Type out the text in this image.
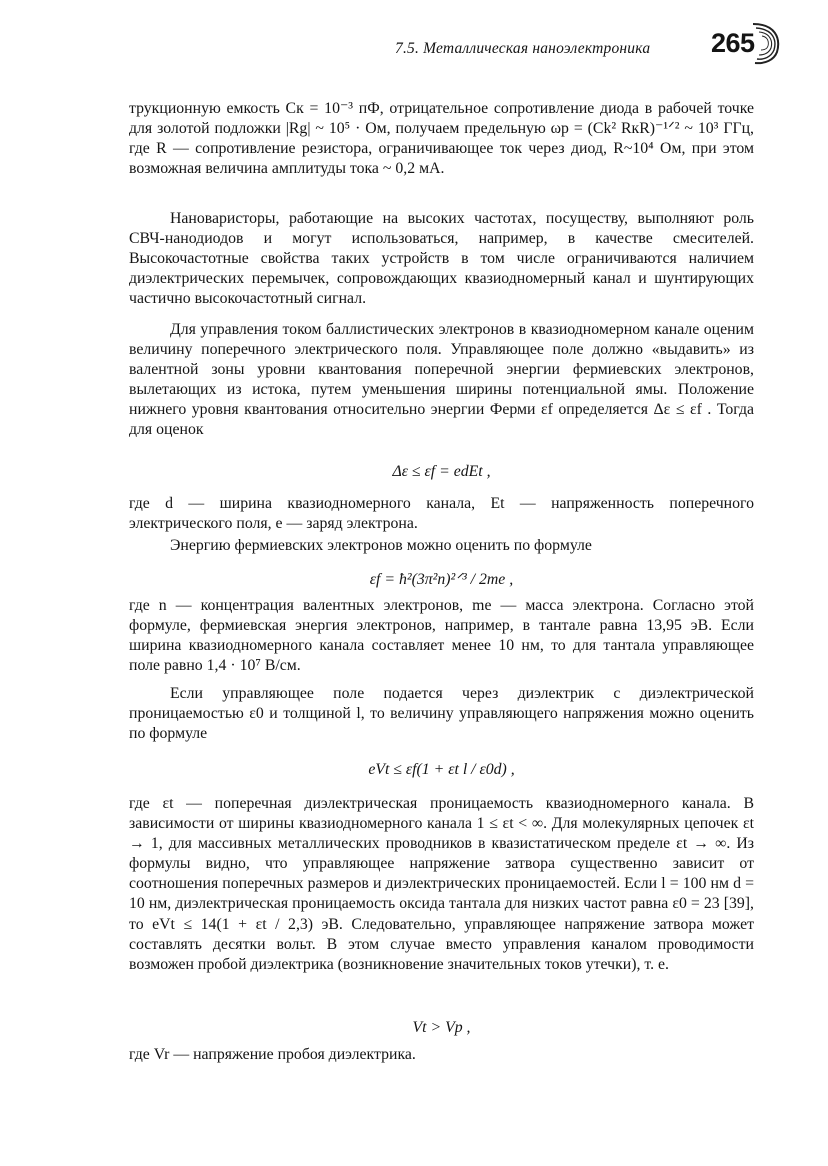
7.5. Металлическая наноэлектроника 265

трукционную емкость Cк = 10⁻³ пФ, отрицательное сопротивление диода в рабочей точке для золотой подложки |Rg| ~ 10⁵ · Ом, получаем предельную ωр = (Ck² RкR)⁻¹ᐟ² ~ 10³ ГГц, где R — сопротивление резистора, ограничивающее ток через диод, R~10⁴ Ом, при этом возможная величина амплитуды тока ~ 0,2 мА.

Нановаристоры, работающие на высоких частотах, посуществу, выполняют роль СВЧ-нанодиодов и могут использоваться, например, в качестве смесителей. Высокочастотные свойства таких устройств в том числе ограничиваются наличием диэлектрических перемычек, сопровождающих квазиодномерный канал и шунтирующих частично высокочастотный сигнал.

Для управления током баллистических электронов в квазиодномерном канале оценим величину поперечного электрического поля. Управляющее поле должно «выдавить» из валентной зоны уровни квантования поперечной энергии фермиевских электронов, вылетающих из истока, путем уменьшения ширины потенциальной ямы. Положение нижнего уровня квантования относительно энергии Ферми εf определяется Δε ≤ εf . Тогда для оценок

Δε ≤ εf = edEt ,

где d — ширина квазиодномерного канала, Et — напряженность поперечного электрического поля, e — заряд электрона.

Энергию фермиевских электронов можно оценить по формуле

εf = ħ²(3π²n)²ᐟ³ / 2me ,

где n — концентрация валентных электронов, me — масса электрона. Согласно этой формуле, фермиевская энергия электронов, например, в тантале равна 13,95 эВ. Если ширина квазиодномерного канала составляет менее 10 нм, то для тантала управляющее поле равно 1,4 · 10⁷ В/см.

Если управляющее поле подается через диэлектрик с диэлектрической проницаемостью ε0 и толщиной l, то величину управляющего напряжения можно оценить по формуле

eVt ≤ εf(1 + εt l / ε0d) ,

где εt — поперечная диэлектрическая проницаемость квазиодномерного канала. В зависимости от ширины квазиодномерного канала 1 ≤ εt < ∞. Для молекулярных цепочек εt → 1, для массивных металлических проводников в квазистатическом пределе εt → ∞. Из формулы видно, что управляющее напряжение затвора существенно зависит от соотношения поперечных размеров и диэлектрических проницаемостей. Если l = 100 нм d = 10 нм, диэлектрическая проницаемость оксида тантала для низких частот равна ε0 = 23 [39], то eVt ≤ 14(1 + εt / 2,3) эВ. Следовательно, управляющее напряжение затвора может составлять десятки вольт. В этом случае вместо управления каналом проводимости возможен пробой диэлектрика (возникновение значительных токов утечки), т. е.

Vt > Vp ,

где Vr — напряжение пробоя диэлектрика.
